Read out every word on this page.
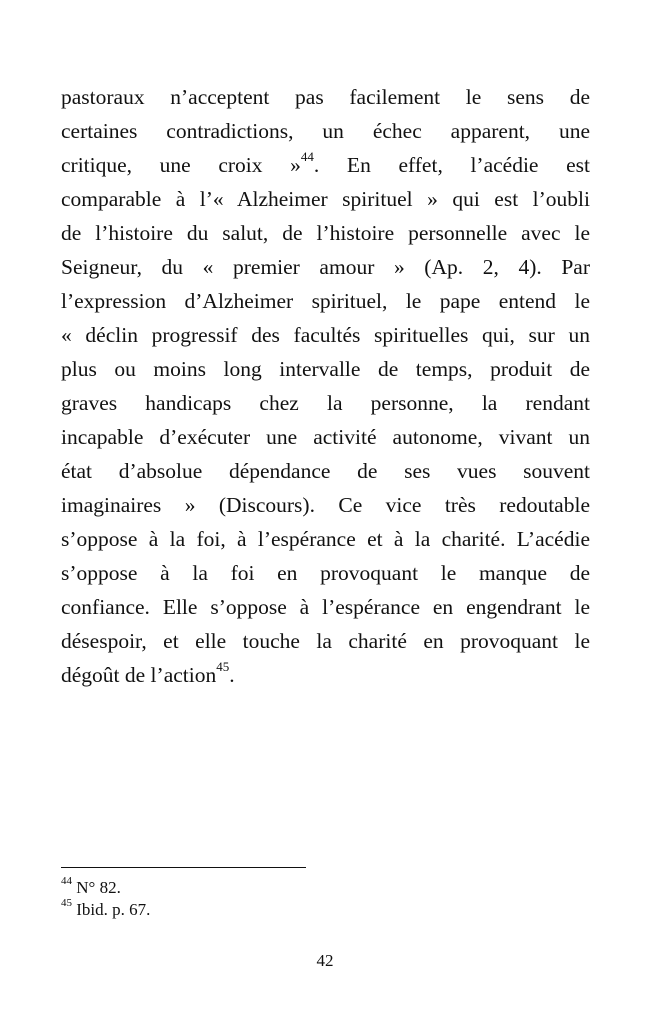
pastoraux n’acceptent pas facilement le sens de
certaines contradictions, un échec apparent, une
critique, une croix »$^{44}$. En effet, l’acédie est
comparable à l’« Alzheimer spirituel » qui est l’oubli
de l’histoire du salut, de l’histoire personnelle avec le
Seigneur, du « premier amour » (Ap. 2, 4). Par
l’expression d’Alzheimer spirituel, le pape entend le
« déclin progressif des facultés spirituelles qui, sur un
plus ou moins long intervalle de temps, produit de
graves handicaps chez la personne, la rendant
incapable d’exécuter une activité autonome, vivant un
état d’absolue dépendance de ses vues souvent
imaginaires » (Discours). Ce vice très redoutable
s’oppose à la foi, à l’espérance et à la charité. L’acédie
s’oppose à la foi en provoquant le manque de
confiance. Elle s’oppose à l’espérance en engendrant le
désespoir, et elle touche la charité en provoquant le
dégoût de l’action$^{45}$.
$^{44}$ N° 82.
$^{45}$ Ibid. p. 67.
42
